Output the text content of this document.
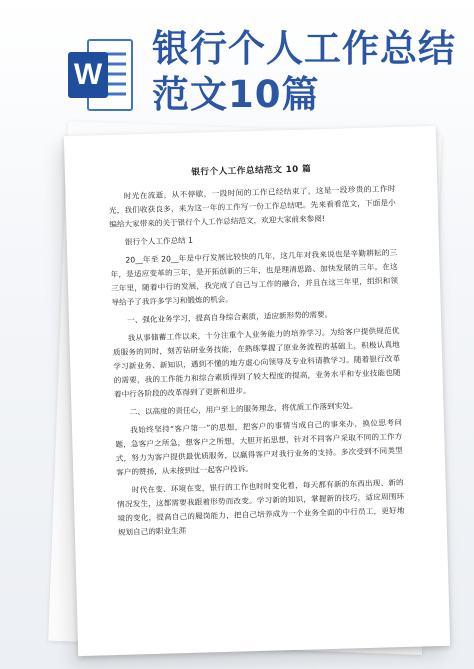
W
银行个人工作总结
范文10篇
银行个人工作总结范文 10 篇

时光在流逝，从不停歇，一段时间的工作已经结束了，这是一段珍贵的工作时光，我们收获良多，来为这一年的工作写一份工作总结吧。先来看看范文，下面是小编给大家带来的关于银行个人工作总结范文，欢迎大家前来参阅!

银行个人工作总结 1

20__年至 20__年是中行发展比较快的几年，这几年对我来说也是辛勤耕耘的三年，是适应变革的三年，是开拓创新的三年，也是理清思路、加快发展的三年。在这三年里，随着中行的发展，我完成了自己与工作的融合，并且在这三年里，组织和领导给予了我许多学习和锻炼的机会。

一、强化业务学习，提高自身综合素质，适应新形势的需要。

我从事储蓄工作以来，十分注重个人业务能力的培养学习。为给客户提供规范优质服务的同时，刻苦钻研业务技能，在熟练掌握了原业务流程的基础上，积极认真地学习新业务、新知识，遇到不懂的地方虚心向领导及专业科请教学习。随着银行改革的需要，我的工作能力和综合素质得到了较大程度的提高，业务水平和专业技能也随着中行各阶段的改革得到了更新和进步。

二、以高度的责任心，用户至上的服务理念，将优质工作落到实处。

我始终坚持“客户第一”的思想，把客户的事情当成自己的事来办，换位思考问题，急客户之所急，想客户之所想，大胆开拓思想，针对不同客户采取不同的工作方式，努力为客户提供最优质服务，以赢得客户对我行业务的支持。多次受到不同类型客户的赞扬，从未接到过一起客户投诉。

时代在变、环境在变，银行的工作也时时变化着，每天都有新的东西出现、新的情况发生，这都需要我跟着形势而改变。学习新的知识，掌握新的技巧，适应周围环境的变化，提高自己的履岗能力，把自己培养成为一个业务全面的中行员工，更好地规划自己的职业生涯
